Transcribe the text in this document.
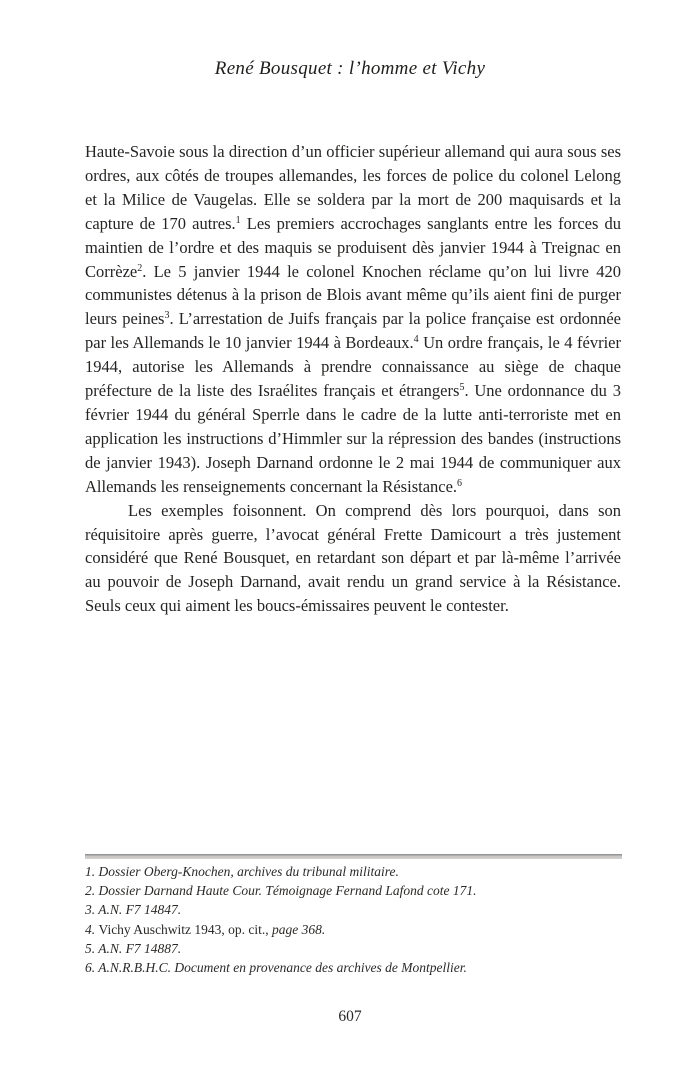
René Bousquet : l’homme et Vichy

Haute-Savoie sous la direction d’un officier supérieur allemand qui aura sous ses ordres, aux côtés de troupes allemandes, les forces de police du colonel Lelong et la Milice de Vaugelas. Elle se soldera par la mort de 200 maquisards et la capture de 170 autres.$^1$ Les premiers accrochages sanglants entre les forces du maintien de l’ordre et des maquis se produisent dès janvier 1944 à Treignac en Corrèze$^2$. Le 5 janvier 1944 le colonel Knochen réclame qu’on lui livre 420 communistes détenus à la prison de Blois avant même qu’ils aient fini de purger leurs peines$^3$. L’arrestation de Juifs français par la police française est ordonnée par les Allemands le 10 janvier 1944 à Bordeaux.$^4$ Un ordre français, le 4 février 1944, autorise les Allemands à prendre connaissance au siège de chaque préfecture de la liste des Israélites français et étrangers$^5$. Une ordonnance du 3 février 1944 du général Sperrle dans le cadre de la lutte anti-terroriste met en application les instructions d’Himmler sur la répression des bandes (instructions de janvier 1943). Joseph Darnand ordonne le 2 mai 1944 de communiquer aux Allemands les renseignements concernant la Résistance.$^6$

Les exemples foisonnent. On comprend dès lors pourquoi, dans son réquisitoire après guerre, l’avocat général Frette Damicourt a très justement considéré que René Bousquet, en retardant son départ et par là-même l’arrivée au pouvoir de Joseph Darnand, avait rendu un grand service à la Résistance. Seuls ceux qui aiment les boucs-émissaires peuvent le contester.

1. Dossier Oberg-Knochen, archives du tribunal militaire.
2. Dossier Darnand Haute Cour. Témoignage Fernand Lafond cote 171.
3. A.N. F7 14847.
4. Vichy Auschwitz 1943, op. cit., page 368.
5. A.N. F7 14887.
6. A.N.R.B.H.C. Document en provenance des archives de Montpellier.
607
